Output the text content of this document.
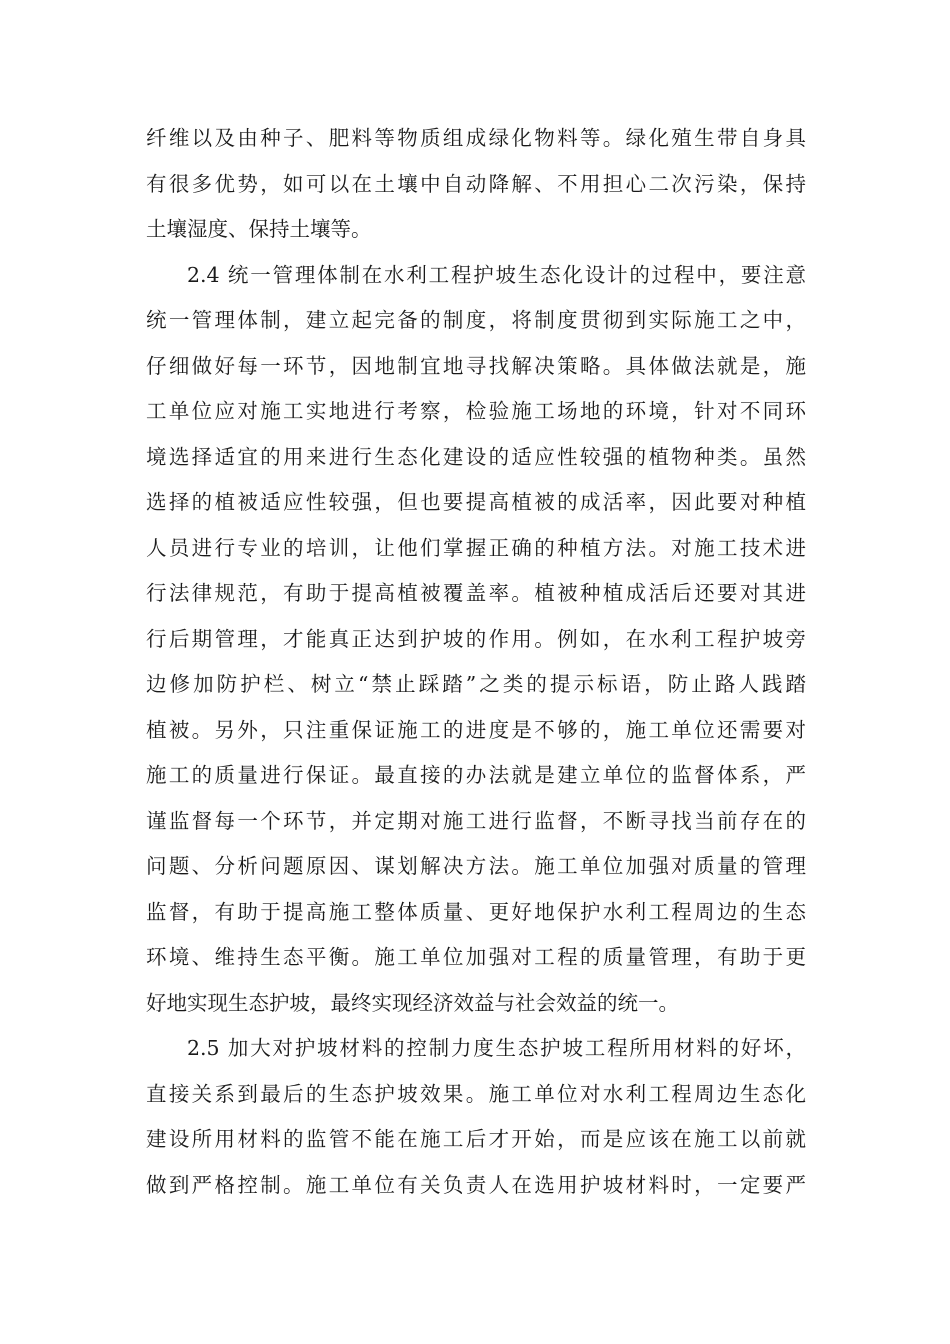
纤维以及由种子、肥料等物质组成绿化物料等。绿化殖生带自身具
有很多优势，如可以在土壤中自动降解、不用担心二次污染，保持
土壤湿度、保持土壤等。
2.4 统一管理体制在水利工程护坡生态化设计的过程中，要注意
统一管理体制，建立起完备的制度，将制度贯彻到实际施工之中，
仔细做好每一环节，因地制宜地寻找解决策略。具体做法就是，施
工单位应对施工实地进行考察，检验施工场地的环境，针对不同环
境选择适宜的用来进行生态化建设的适应性较强的植物种类。虽然
选择的植被适应性较强，但也要提高植被的成活率，因此要对种植
人员进行专业的培训，让他们掌握正确的种植方法。对施工技术进
行法律规范，有助于提高植被覆盖率。植被种植成活后还要对其进
行后期管理，才能真正达到护坡的作用。例如，在水利工程护坡旁
边修加防护栏、树立“禁止踩踏”之类的提示标语，防止路人践踏
植被。另外，只注重保证施工的进度是不够的，施工单位还需要对
施工的质量进行保证。最直接的办法就是建立单位的监督体系，严
谨监督每一个环节，并定期对施工进行监督，不断寻找当前存在的
问题、分析问题原因、谋划解决方法。施工单位加强对质量的管理
监督，有助于提高施工整体质量、更好地保护水利工程周边的生态
环境、维持生态平衡。施工单位加强对工程的质量管理，有助于更
好地实现生态护坡，最终实现经济效益与社会效益的统一。
2.5 加大对护坡材料的控制力度生态护坡工程所用材料的好坏，
直接关系到最后的生态护坡效果。施工单位对水利工程周边生态化
建设所用材料的监管不能在施工后才开始，而是应该在施工以前就
做到严格控制。施工单位有关负责人在选用护坡材料时，一定要严
